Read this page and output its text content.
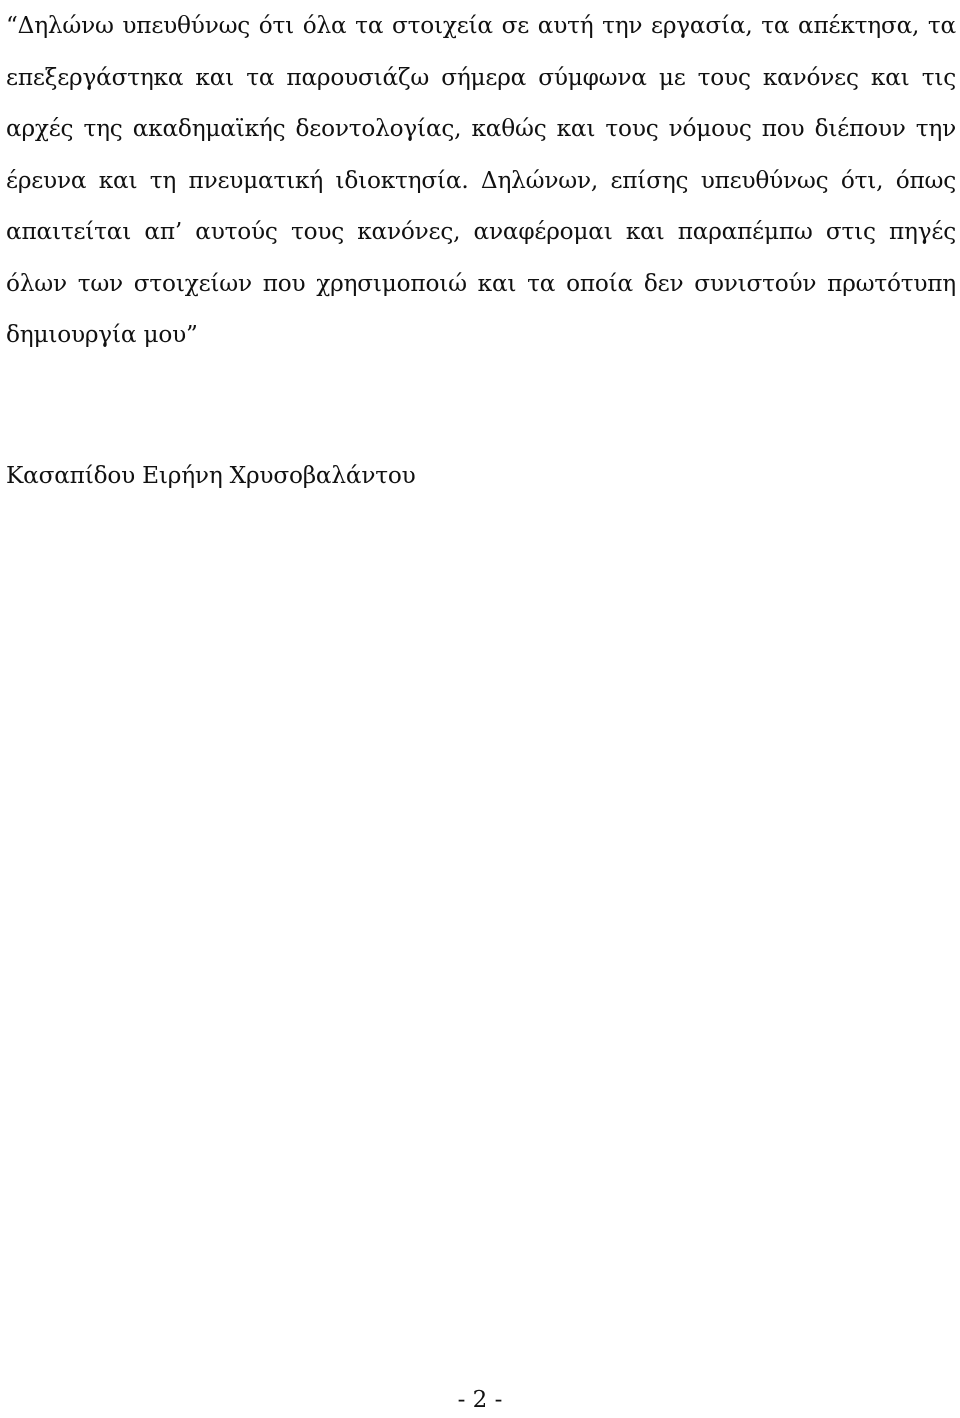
“Δηλώνω υπευθύνως ότι όλα τα στοιχεία σε αυτή την εργασία, τα απέκτησα, τα επεξεργάστηκα και τα παρουσιάζω σήμερα σύμφωνα με τους κανόνες και τις αρχές της ακαδημαϊκής δεοντολογίας, καθώς και τους νόμους που διέπουν την έρευνα και τη πνευματική ιδιοκτησία. Δηλώνων, επίσης υπευθύνως ότι, όπως απαιτείται απ’ αυτούς τους κανόνες, αναφέρομαι και παραπέμπω στις πηγές όλων των στοιχείων που χρησιμοποιώ και τα οποία δεν συνιστούν πρωτότυπη δημιουργία μου”

Κασαπίδου Ειρήνη Χρυσοβαλάντου

- 2 -
